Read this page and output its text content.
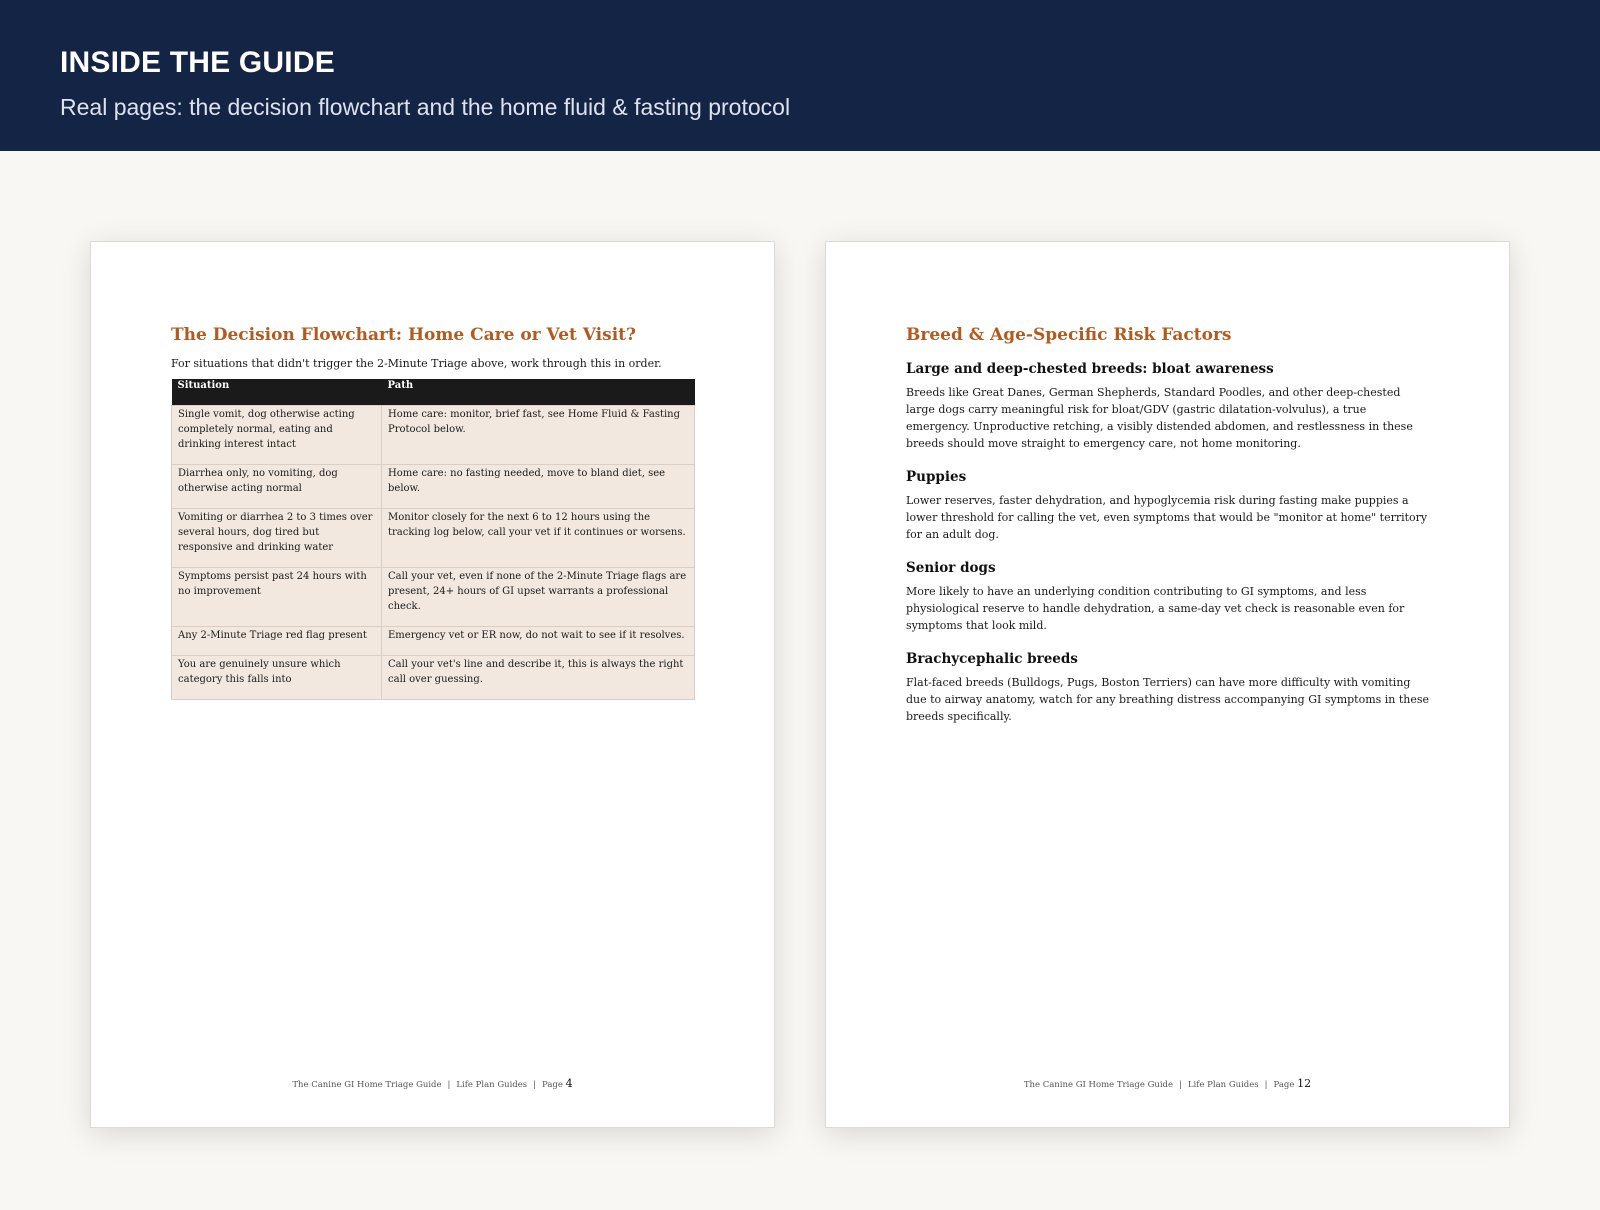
INSIDE THE GUIDE
Real pages: the decision flowchart and the home fluid & fasting protocol
The Decision Flowchart: Home Care or Vet Visit?

For situations that didn't trigger the 2-Minute Triage above, work through this in order.

Situation	Path
Single vomit, dog otherwise acting completely normal, eating and drinking interest intact	Home care: monitor, brief fast, see Home Fluid & Fasting Protocol below.
Diarrhea only, no vomiting, dog otherwise acting normal	Home care: no fasting needed, move to bland diet, see below.
Vomiting or diarrhea 2 to 3 times over several hours, dog tired but responsive and drinking water	Monitor closely for the next 6 to 12 hours using the tracking log below, call your vet if it continues or worsens.
Symptoms persist past 24 hours with no improvement	Call your vet, even if none of the 2-Minute Triage flags are present, 24+ hours of GI upset warrants a professional check.
Any 2-Minute Triage red flag present	Emergency vet or ER now, do not wait to see if it resolves.
You are genuinely unsure which category this falls into	Call your vet's line and describe it, this is always the right call over guessing.
The Canine GI Home Triage Guide | Life Plan Guides | Page 4
Breed & Age-Specific Risk Factors
Large and deep-chested breeds: bloat awareness

Breeds like Great Danes, German Shepherds, Standard Poodles, and other deep-chested large dogs carry meaningful risk for bloat/GDV (gastric dilatation-volvulus), a true emergency. Unproductive retching, a visibly distended abdomen, and restlessness in these breeds should move straight to emergency care, not home monitoring.

Puppies

Lower reserves, faster dehydration, and hypoglycemia risk during fasting make puppies a lower threshold for calling the vet, even symptoms that would be "monitor at home" territory for an adult dog.

Senior dogs

More likely to have an underlying condition contributing to GI symptoms, and less physiological reserve to handle dehydration, a same-day vet check is reasonable even for symptoms that look mild.

Brachycephalic breeds

Flat-faced breeds (Bulldogs, Pugs, Boston Terriers) can have more difficulty with vomiting due to airway anatomy, watch for any breathing distress accompanying GI symptoms in these breeds specifically.

The Canine GI Home Triage Guide | Life Plan Guides | Page 12
